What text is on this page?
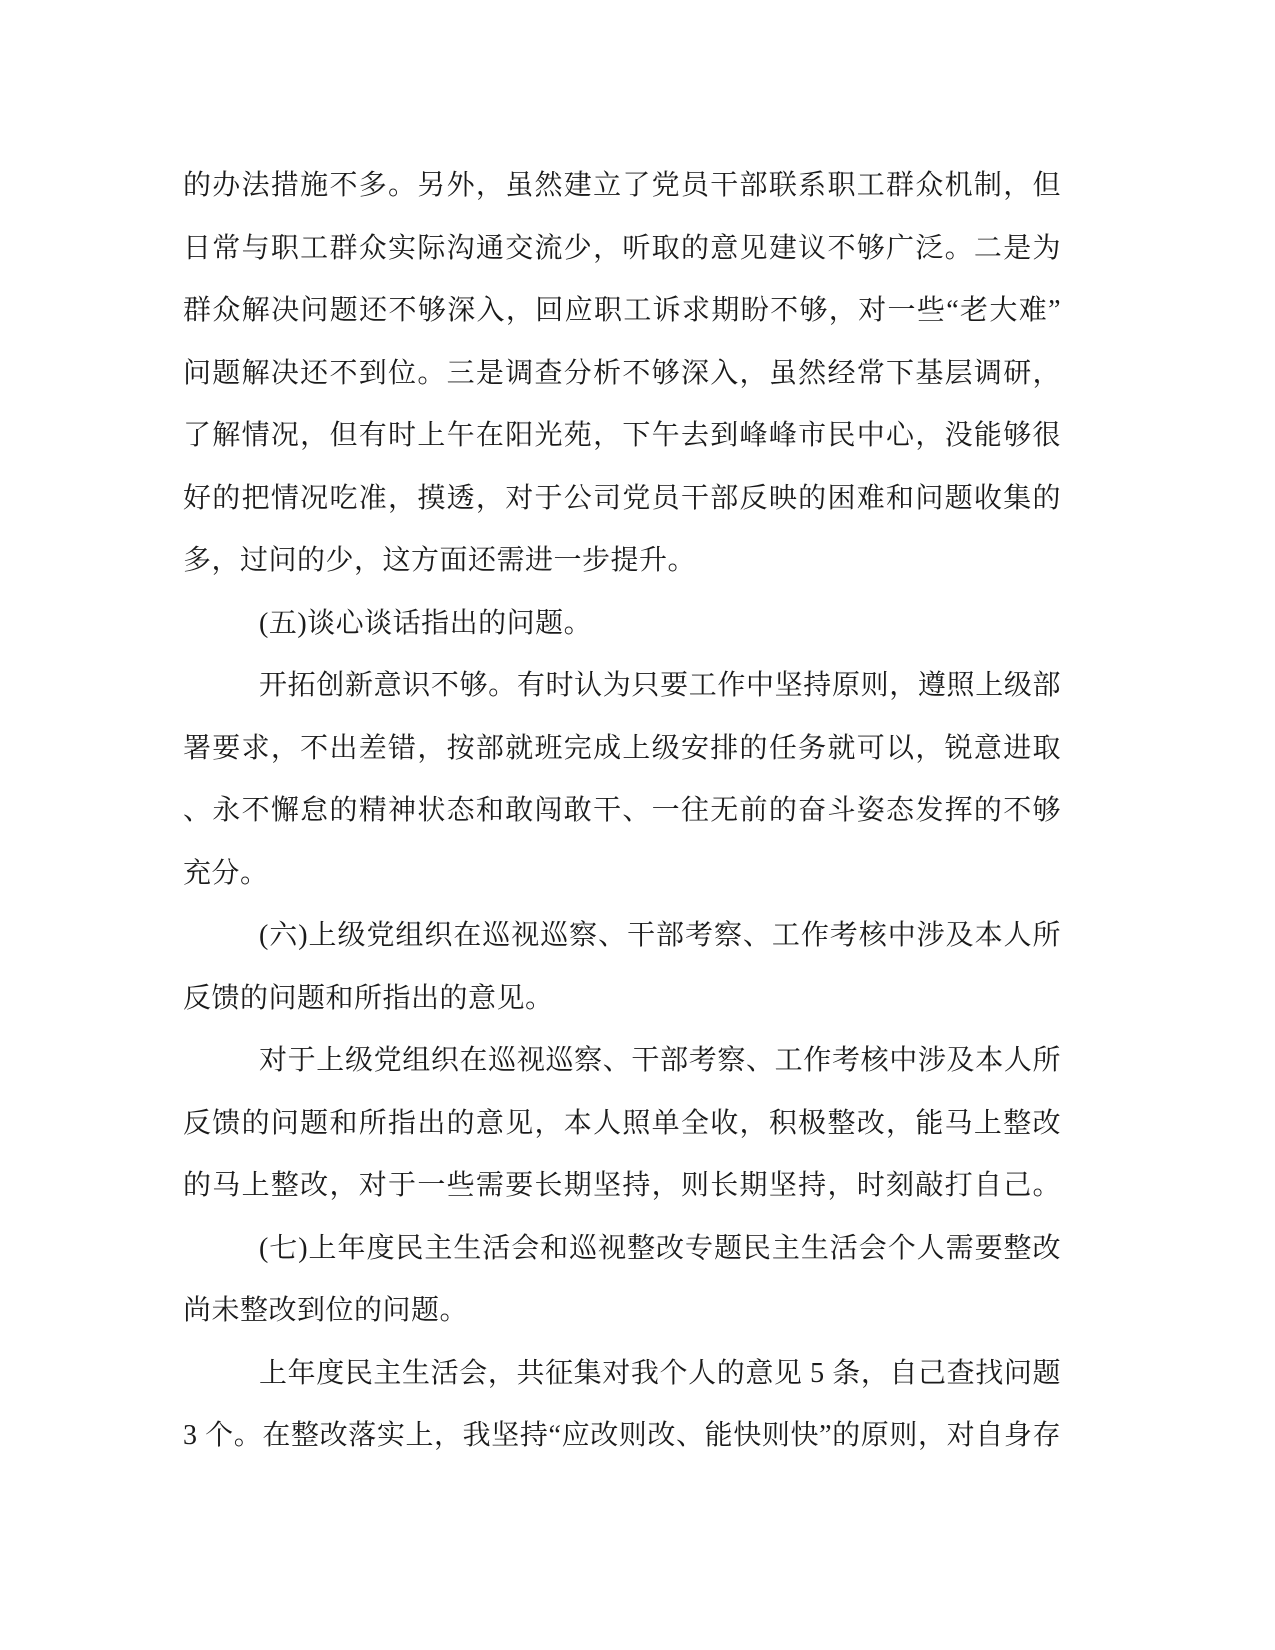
的办法措施不多。另外，虽然建立了党员干部联系职工群众机制，但
日常与职工群众实际沟通交流少，听取的意见建议不够广泛。二是为
群众解决问题还不够深入，回应职工诉求期盼不够，对一些“老大难”
问题解决还不到位。三是调查分析不够深入，虽然经常下基层调研，
了解情况，但有时上午在阳光苑，下午去到峰峰市民中心，没能够很
好的把情况吃准，摸透，对于公司党员干部反映的困难和问题收集的
多，过问的少，这方面还需进一步提升。
(五)谈心谈话指出的问题。
开拓创新意识不够。有时认为只要工作中坚持原则，遵照上级部
署要求，不出差错，按部就班完成上级安排的任务就可以，锐意进取
、永不懈怠的精神状态和敢闯敢干、一往无前的奋斗姿态发挥的不够
充分。
(六)上级党组织在巡视巡察、干部考察、工作考核中涉及本人所
反馈的问题和所指出的意见。
对于上级党组织在巡视巡察、干部考察、工作考核中涉及本人所
反馈的问题和所指出的意见，本人照单全收，积极整改，能马上整改
的马上整改，对于一些需要长期坚持，则长期坚持，时刻敲打自己。
(七)上年度民主生活会和巡视整改专题民主生活会个人需要整改
尚未整改到位的问题。
上年度民主生活会，共征集对我个人的意见 5 条，自己查找问题
3 个。在整改落实上，我坚持“应改则改、能快则快”的原则，对自身存
